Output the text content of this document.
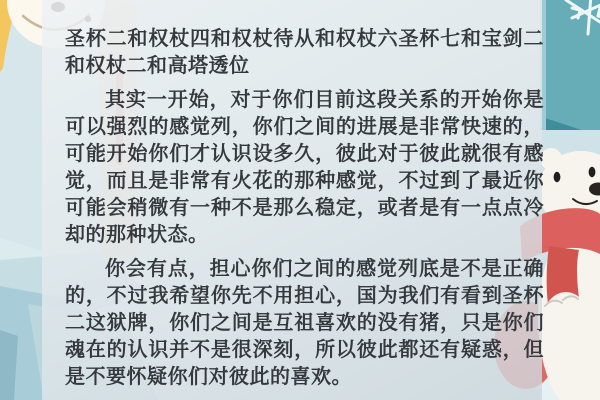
圣杯二和权杖四和权杖待从和权杖六圣杯七和宝剑二和权杖二和高塔透位

其实一开始，对于你们目前这段关系的开始你是可以强烈的感觉列，你们之间的进展是非常快速的，可能开始你们才认识设多久，彼此对于彼此就很有感觉，而且是非常有火花的那种感觉，不过到了最近你可能会稍微有一种不是那么稳定，或者是有一点点冷却的那种状态。

你会有点，担心你们之间的感觉列底是不是正确的，不过我希望你先不用担心，国为我们有看到圣杯二这狱牌，你们之间是互祖喜欢的没有猪，只是你们魂在的认识并不是很深刻，所以彼此都还有疑惑，但是不要怀疑你们对彼此的喜欢。
